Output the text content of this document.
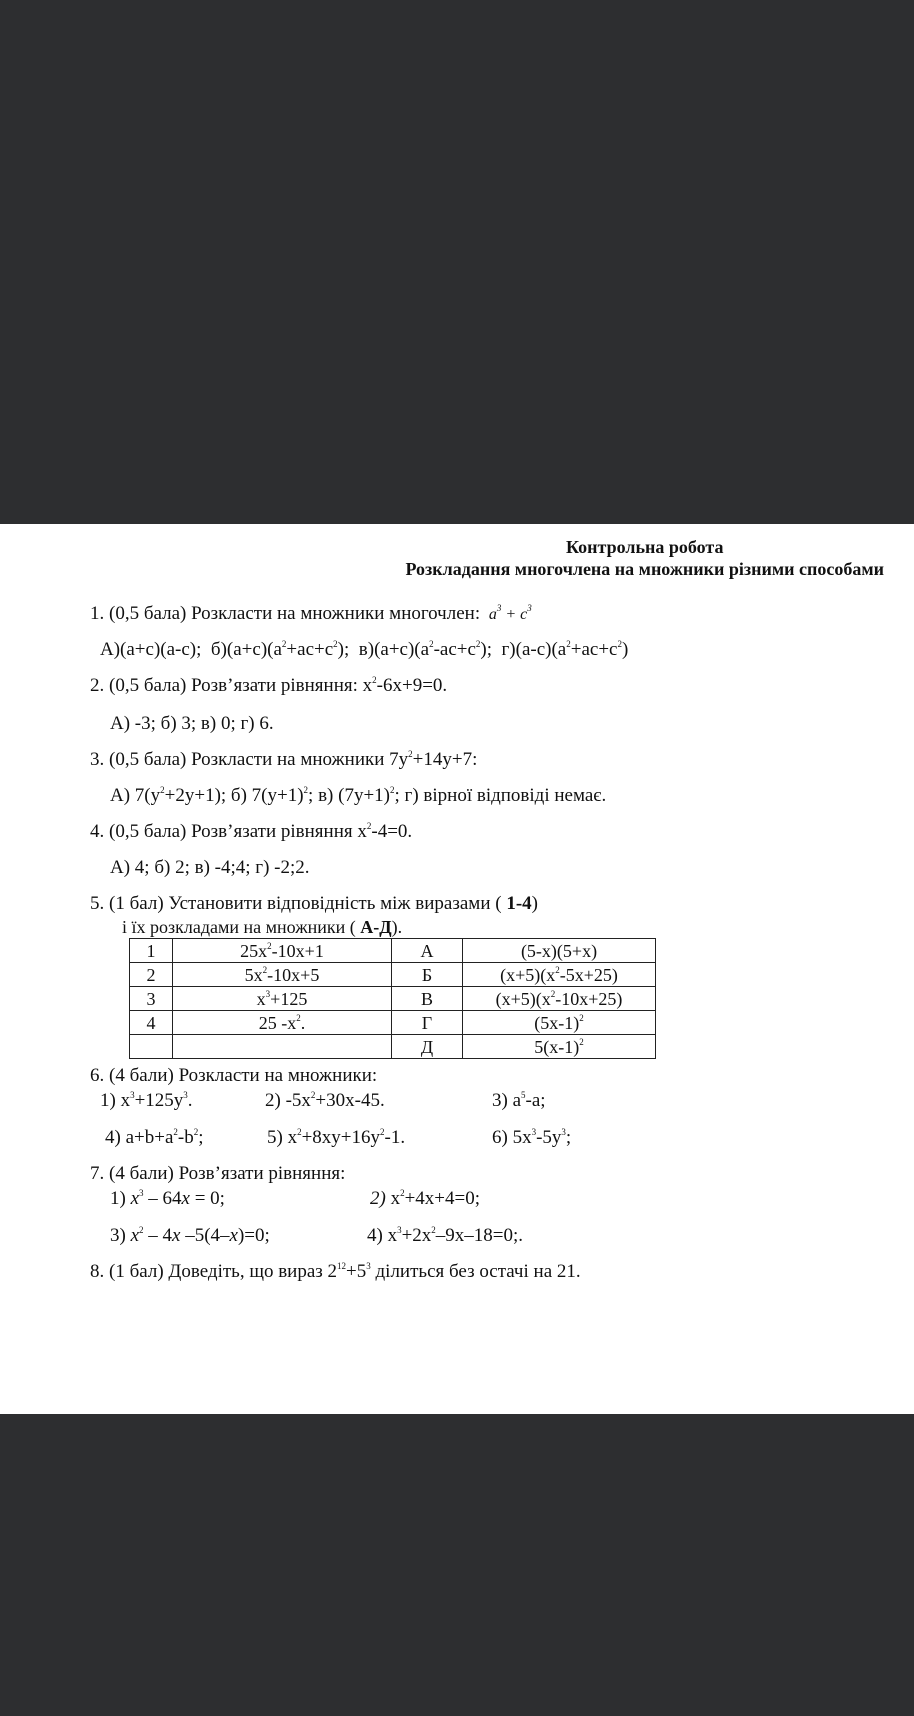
Контрольна робота
Розкладання многочлена на множники різними способами
1. (0,5 бала) Розкласти на множники многочлен:  $a^3 + c^3$
А)(a+c)(a-c); $б)(a+c)(a^2+ac+c^2)$; $в)(a+c)(a^2-ac+c^2)$; $г)(a-c)(a^2+ac+c^2)$
2. (0,5 бала) Розв’язати рівняння: $x^2-6x+9=0$.
А) -3; б) 3; в) 0; г) 6.
3. (0,5 бала) Розкласти на множники $7y^2+14y+7$:
А) $7(y^2+2y+1)$; б) $7(y+1)^2$; в) $(7y+1)^2$; г) вірної відповіді немає.
4. (0,5 бала) Розв’язати рівняння $x^2-4=0$.
А) 4; б) 2; в) -4;4; г) -2;2.
5. (1 бал) Установити відповідність між виразами ( 1-4)
і їх розкладами на множники ( А-Д).
1	$25x^2-10x+1$	А	(5-x)(5+x)
2	$5x^2-10x+5$	Б	$(x+5)(x^2-5x+25)$
3	$x^3+125$	В	$(x+5)(x^2-10x+25)$
4	25 $-x^2$.	Г	$(5x-1)^2$
		Д	$5(x-1)^2$
6. (4 бали) Розкласти на множники:
1) $x^3+125y^3$.	2) $-5x^2+30x-45$.	3) $a^5-a$;
4) $a+b+a^2-b^2$;	5) $x^2+8xy+16y^2-1$.	6) $5x^3-5y^3$;
7. (4 бали) Розв’язати рівняння:
1) $x^3 - 64x = 0$;	2) $x^2+4x+4=0$;
3) $x^2 - 4x$ –5(4–x)=0;	4) $x^3+2x^2-9x-18=0$;.
8. (1 бал) Доведіть, що вираз $2^{12}+5^3$ ділиться без остачі на 21.
